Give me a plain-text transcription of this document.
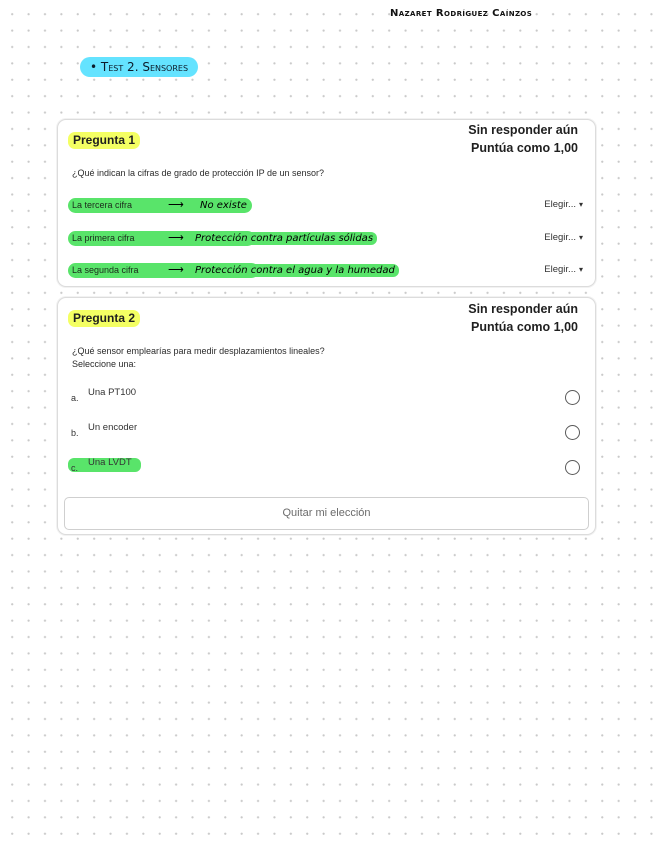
Nazaret Rodríguez Caínzos
• Test 2. Sensores
Pregunta 1
Sin responder aún
Puntúa como 1,00
¿Qué indican la cifras de grado de protección IP de un sensor?
La tercera cifra	⟶ No existe	Elegir... ▾
La primera cifra	⟶ Protección contra partículas sólidas	Elegir... ▾
La segunda cifra	⟶ Protección contra el agua y la humedad	Elegir... ▾
Pregunta 2
Sin responder aún
Puntúa como 1,00
¿Qué sensor emplearías para medir desplazamientos lineales?
Seleccione una:
a. Una PT100
b. Un encoder
c. Una LVDT
Quitar mi elección
